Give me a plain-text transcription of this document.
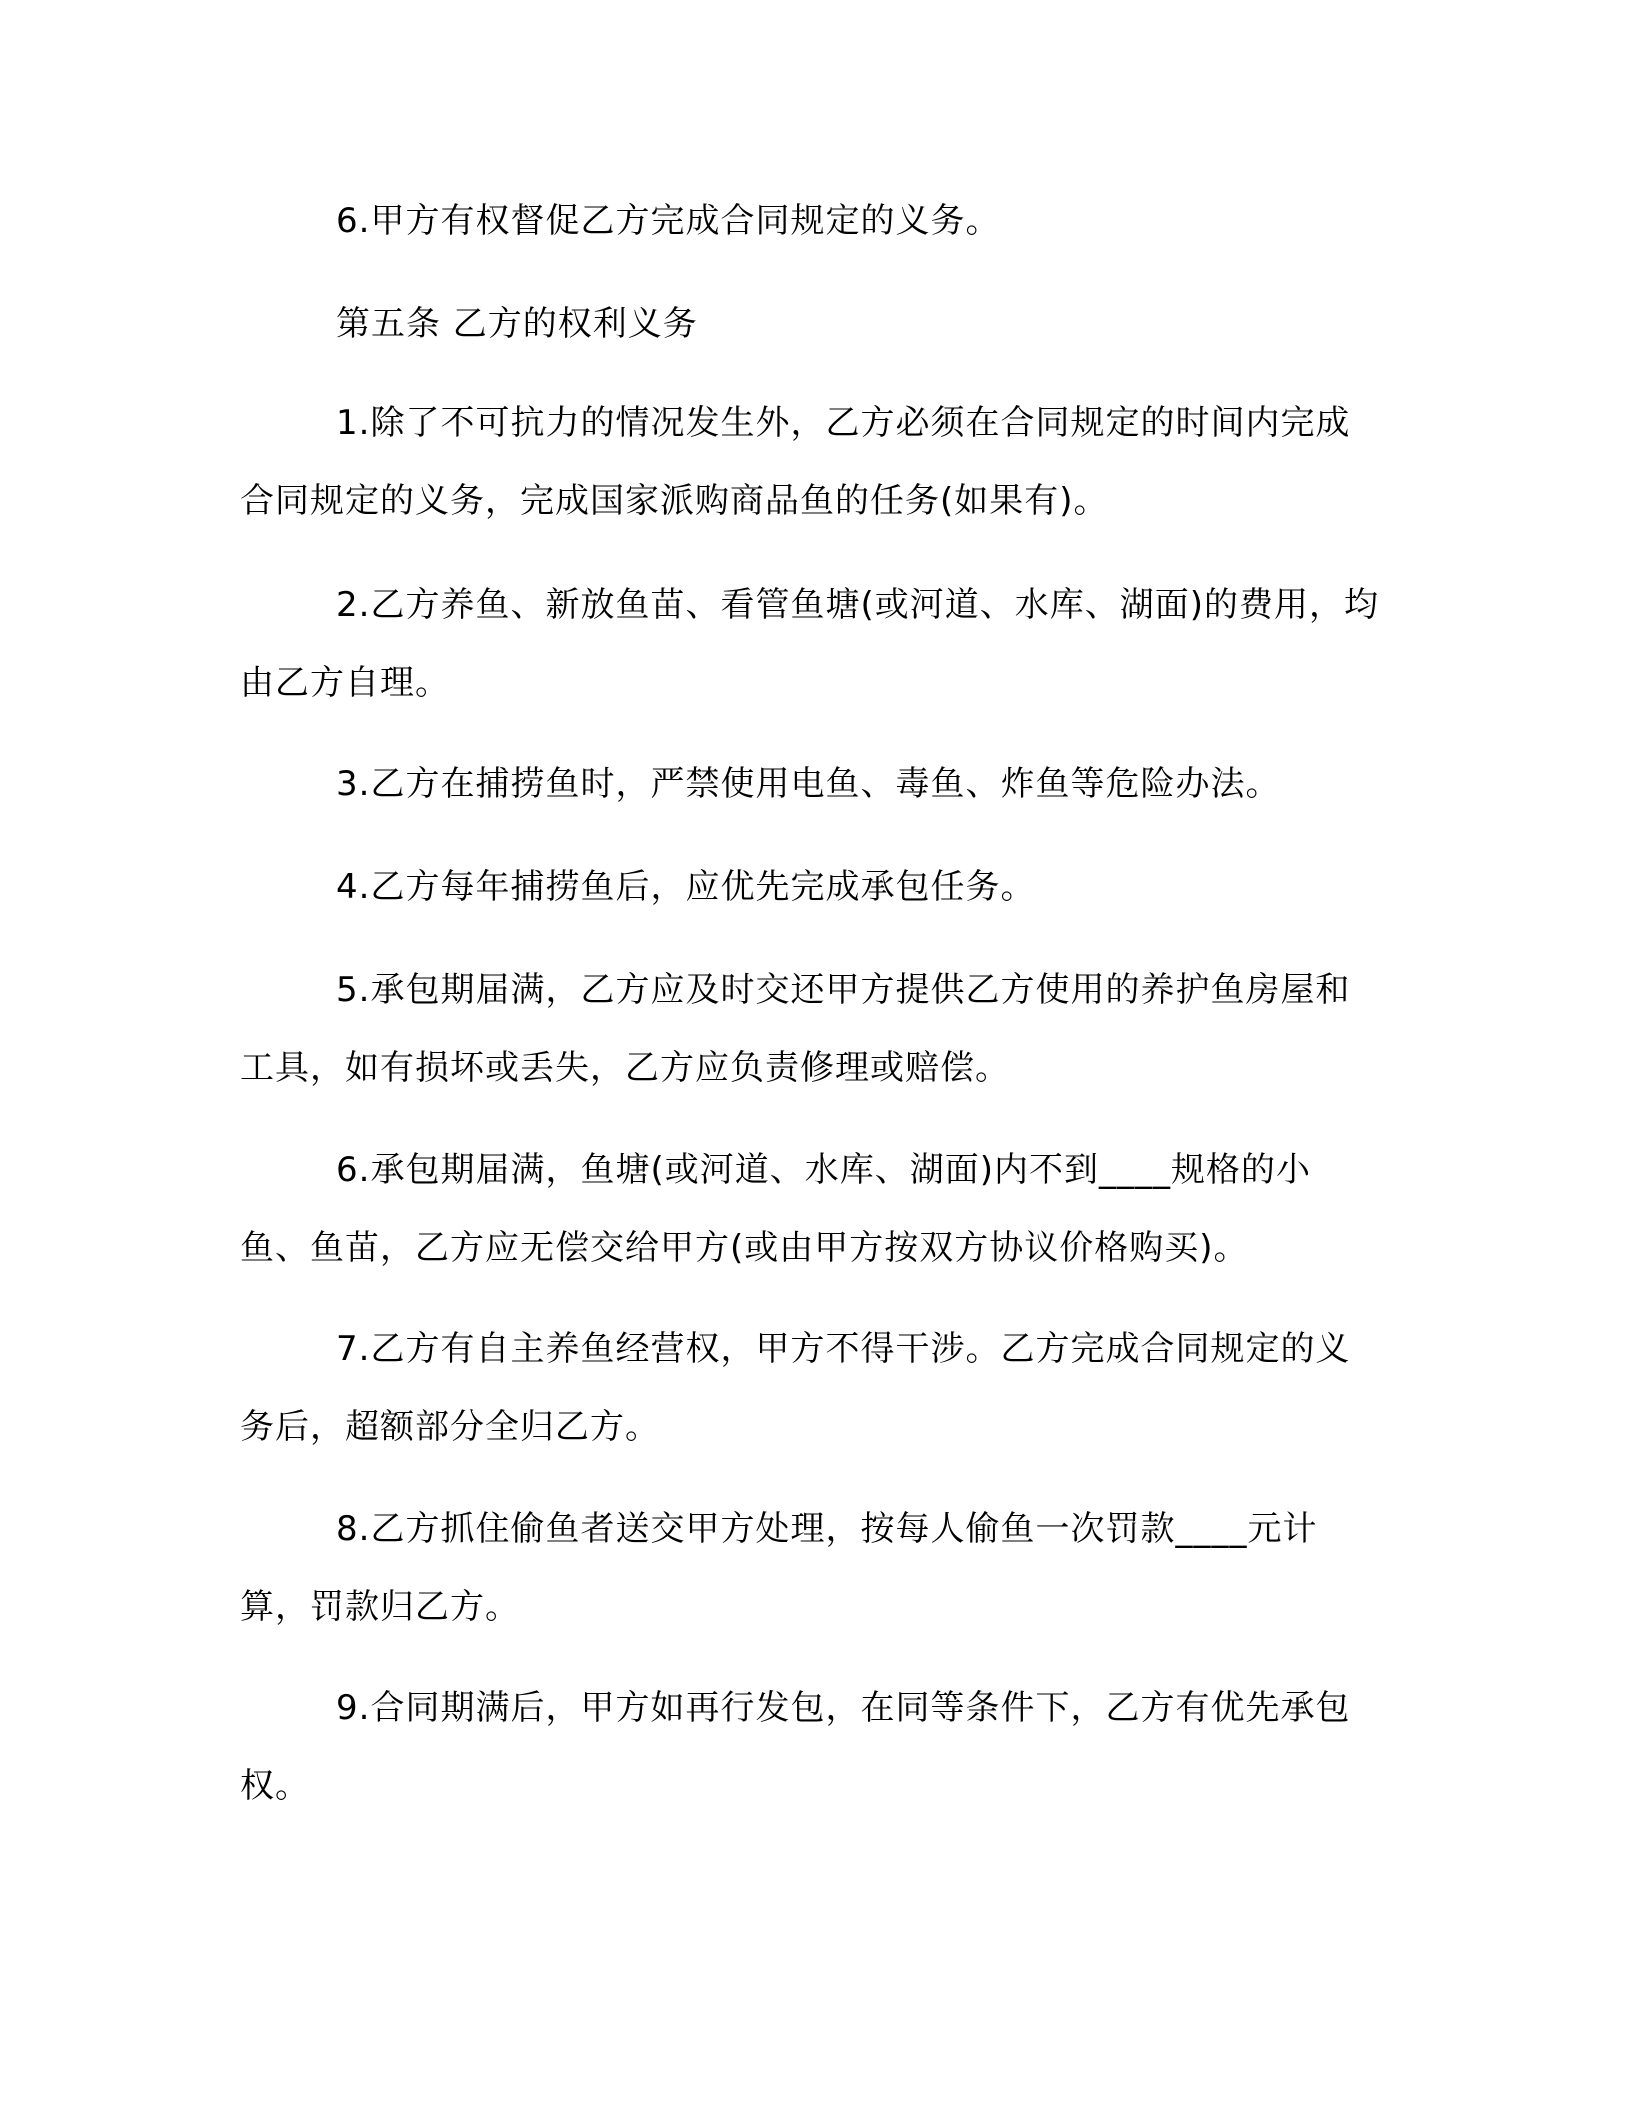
6.甲方有权督促乙方完成合同规定的义务。

第五条 乙方的权利义务

1.除了不可抗力的情况发生外，乙方必须在合同规定的时间内完成合同规定的义务，完成国家派购商品鱼的任务(如果有)。

2.乙方养鱼、新放鱼苗、看管鱼塘(或河道、水库、湖面)的费用，均由乙方自理。

3.乙方在捕捞鱼时，严禁使用电鱼、毒鱼、炸鱼等危险办法。

4.乙方每年捕捞鱼后，应优先完成承包任务。

5.承包期届满，乙方应及时交还甲方提供乙方使用的养护鱼房屋和工具，如有损坏或丢失，乙方应负责修理或赔偿。

6.承包期届满，鱼塘(或河道、水库、湖面)内不到____规格的小鱼、鱼苗，乙方应无偿交给甲方(或由甲方按双方协议价格购买)。

7.乙方有自主养鱼经营权，甲方不得干涉。乙方完成合同规定的义务后，超额部分全归乙方。

8.乙方抓住偷鱼者送交甲方处理，按每人偷鱼一次罚款____元计算，罚款归乙方。

9.合同期满后，甲方如再行发包，在同等条件下，乙方有优先承包权。
